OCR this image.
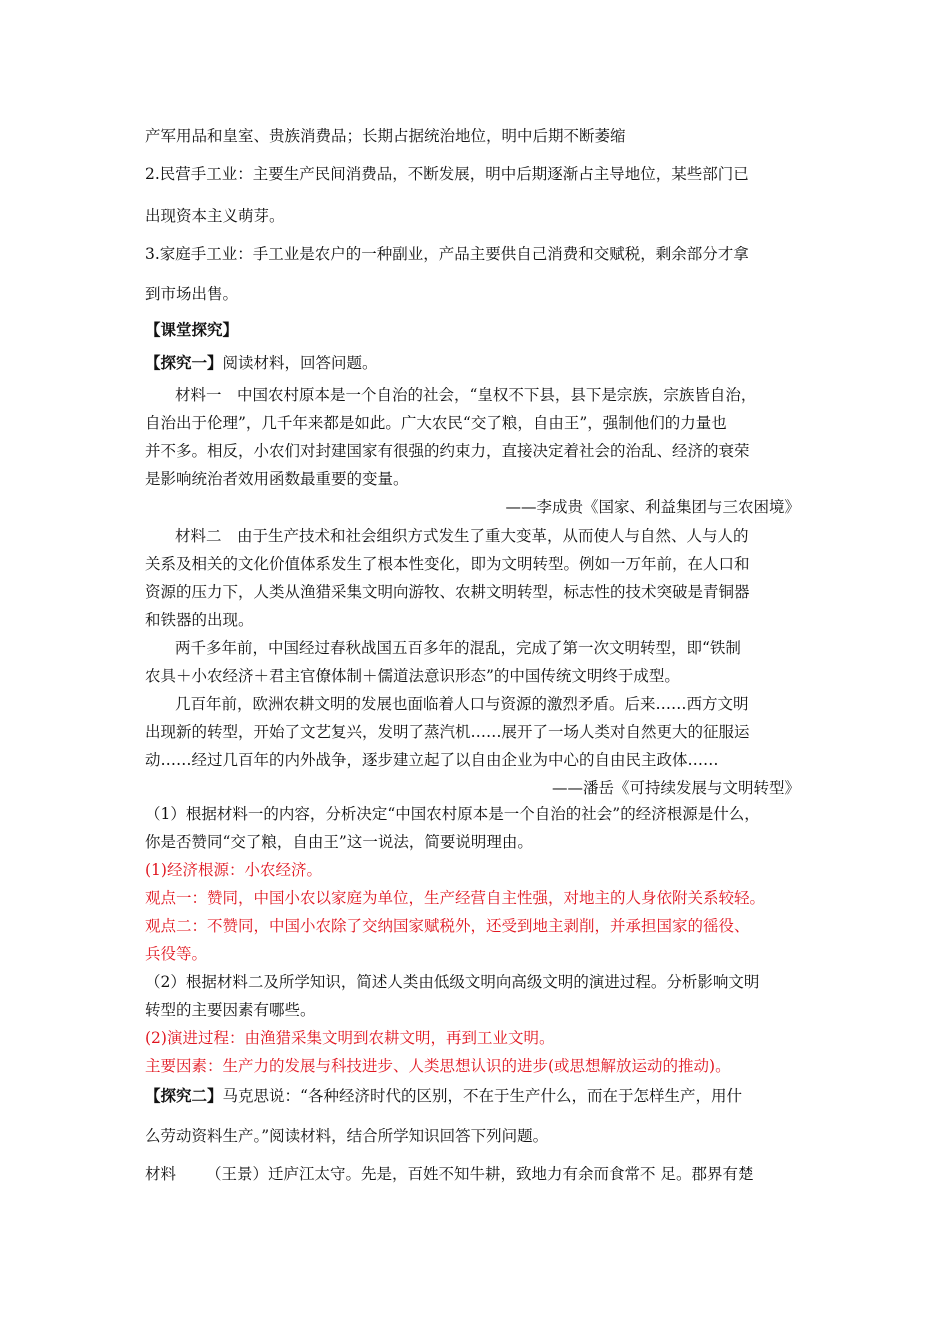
产军用品和皇室、贵族消费品；长期占据统治地位，明中后期不断萎缩
2.民营手工业：主要生产民间消费品，不断发展，明中后期逐渐占主导地位，某些部门已
出现资本主义萌芽。
3.家庭手工业：手工业是农户的一种副业，产品主要供自己消费和交赋税，剩余部分才拿
到市场出售。
【课堂探究】
【探究一】阅读材料，回答问题。
材料一　中国农村原本是一个自治的社会，“皇权不下县，县下是宗族，宗族皆自治，
自治出于伦理”，几千年来都是如此。广大农民“交了粮，自由王”，强制他们的力量也
并不多。相反，小农们对封建国家有很强的约束力，直接决定着社会的治乱、经济的衰荣
是影响统治者效用函数最重要的变量。
——李成贵《国家、利益集团与三农困境》
材料二　由于生产技术和社会组织方式发生了重大变革，从而使人与自然、人与人的
关系及相关的文化价值体系发生了根本性变化，即为文明转型。例如一万年前，在人口和
资源的压力下，人类从渔猎采集文明向游牧、农耕文明转型，标志性的技术突破是青铜器
和铁器的出现。
两千多年前，中国经过春秋战国五百多年的混乱，完成了第一次文明转型，即“铁制
农具＋小农经济＋君主官僚体制＋儒道法意识形态”的中国传统文明终于成型。
几百年前，欧洲农耕文明的发展也面临着人口与资源的激烈矛盾。后来……西方文明
出现新的转型，开始了文艺复兴，发明了蒸汽机……展开了一场人类对自然更大的征服运
动……经过几百年的内外战争，逐步建立起了以自由企业为中心的自由民主政体……
——潘岳《可持续发展与文明转型》
（1）根据材料一的内容，分析决定“中国农村原本是一个自治的社会”的经济根源是什么，
你是否赞同“交了粮，自由王”这一说法，简要说明理由。
(1)经济根源：小农经济。
观点一：赞同，中国小农以家庭为单位，生产经营自主性强，对地主的人身依附关系较轻。
观点二：不赞同，中国小农除了交纳国家赋税外，还受到地主剥削，并承担国家的徭役、
兵役等。
（2）根据材料二及所学知识，简述人类由低级文明向高级文明的演进过程。分析影响文明
转型的主要因素有哪些。
(2)演进过程：由渔猎采集文明到农耕文明，再到工业文明。
主要因素：生产力的发展与科技进步、人类思想认识的进步(或思想解放运动的推动)。
【探究二】马克思说：“各种经济时代的区别，不在于生产什么，而在于怎样生产，用什
么劳动资料生产。”阅读材料，结合所学知识回答下列问题。
材料 （王景）迁庐江太守。先是，百姓不知牛耕，致地力有余而食常不 足。郡界有楚
